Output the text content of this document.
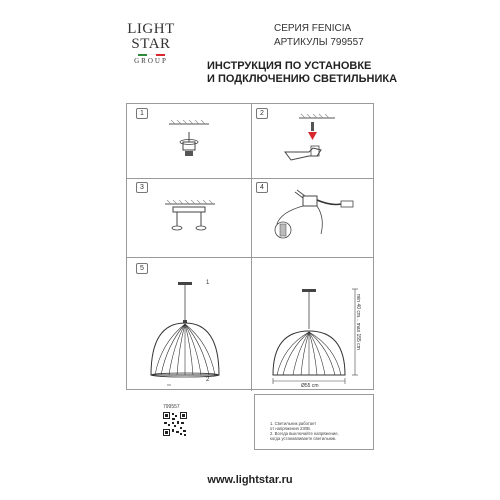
LIGHT
STAR
GROUP
СЕРИЯ FENICIA
АРТИКУЛЫ 799557
ИНСТРУКЦИЯ ПО УСТАНОВКЕ
И ПОДКЛЮЧЕНИЮ СВЕТИЛЬНИКА
1	2
3	4
5
1
2
Ø55 cm
min 40 cm... max 155 cm
799557
1. Светильник работает
от напряжения 230В.
2. Всегда выключайте напряжение,
когда устанавливаете светильник.
www.lightstar.ru
